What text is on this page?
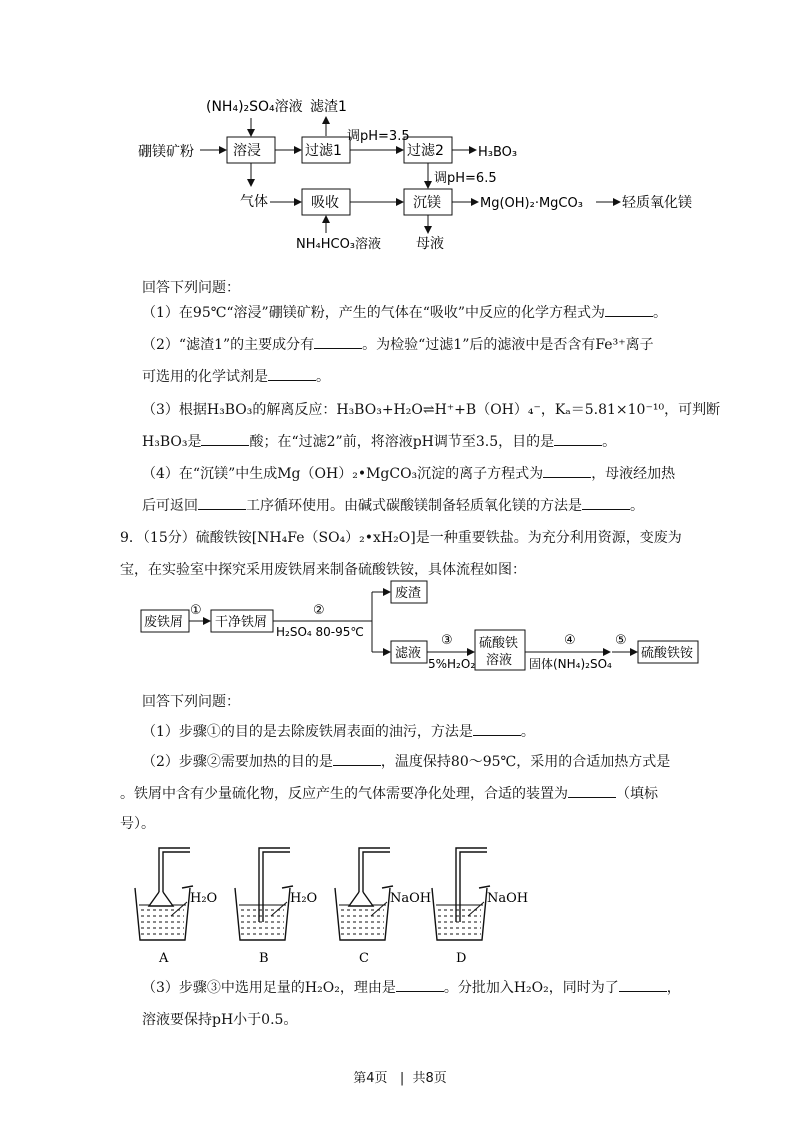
(NH₄)₂SO₄溶液 滤渣1
硼镁矿粉	溶浸	过滤1
调pH=3.5
过滤2	H₃BO₃
调pH=6.5
气体	吸收	沉镁	Mg(OH)₂·MgCO₃	轻质氧化镁
NH₄HCO₃溶液 母液
回答下列问题：
（1）在95℃“溶浸”硼镁矿粉，产生的气体在“吸收”中反应的化学方程式为	。
（2）“滤渣1”的主要成分有	。为检验“过滤1”后的滤液中是否含有Fe³⁺离子
可选用的化学试剂是	。
（3）根据H₃BO₃的解离反应：H₃BO₃+H₂O⇌H⁺+B（OH）₄⁻，Kₐ＝5.81×10⁻¹⁰，可判断
H₃BO₃是	酸；在“过滤2”前，将溶液pH调节至3.5，目的是	。
（4）在“沉镁”中生成Mg（OH）₂•MgCO₃沉淀的离子方程式为	，母液经加热
后可返回	工序循环使用。由碱式碳酸镁制备轻质氧化镁的方法是	。
9．（15分）硫酸铁铵[NH₄Fe（SO₄）₂•xH₂O]是一种重要铁盐。为充分利用资源，变废为
宝，在实验室中探究采用废铁屑来制备硫酸铁铵，具体流程如图：
废铁屑
①
干净铁屑
②
H₂SO₄ 80-95℃
废渣
滤液
③
5%H₂O₂
硫酸铁
溶液
④
固体(NH₄)₂SO₄
⑤
硫酸铁铵
回答下列问题：
（1）步骤①的目的是去除废铁屑表面的油污，方法是	。
（2）步骤②需要加热的目的是	，温度保持80～95℃，采用的合适加热方式是
。铁屑中含有少量硫化物，反应产生的气体需要净化处理，合适的装置为	（填标
号）。
H₂O
A
H₂O
B
NaOH
C
NaOH
D
（3）步骤③中选用足量的H₂O₂，理由是	。分批加入H₂O₂，同时为了	，
溶液要保持pH小于0.5。
第4页   |  共8页
